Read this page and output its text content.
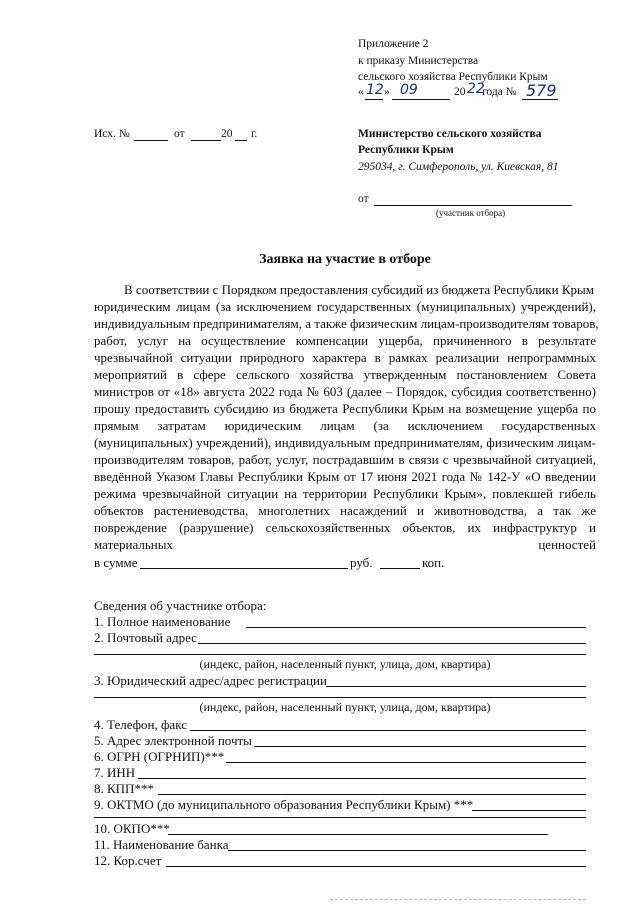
Приложение 2
к приказу Министерства
сельского хозяйства Республики Крым
« 12 » 09	20 22
года № 579
Исх. №	от	20 г.	Министерство сельского хозяйства
Республики Крым
295034, г. Симферополь, ул. Киевская, 81
от
(участник отбора)
Заявка на участие в отборе
В соответствии с Порядком предоставления субсидий из бюджета Республики Крым
юридическим лицам (за исключением государственных (муниципальных) учреждений),
индивидуальным предпринимателям, а также физическим лицам-производителям товаров,
работ, услуг на осуществление компенсации ущерба, причиненного в результате
чрезвычайной ситуации природного характера в рамках реализации непрограммных
мероприятий в сфере сельского хозяйства утвержденным постановлением Совета
министров от «18» августа 2022 года № 603 (далее – Порядок, субсидия соответственно)
прошу предоставить субсидию из бюджета Республики Крым на возмещение ущерба по
прямым затратам юридическим лицам (за исключением государственных
(муниципальных) учреждений), индивидуальным предпринимателям, физическим лицам-
производителям товаров, работ, услуг, пострадавшим в связи с чрезвычайной ситуацией,
введённой Указом Главы Республики Крым от 17 июня 2021 года № 142-У «О введении
режима чрезвычайной ситуации на территории Республики Крым», повлекшей гибель
объектов растениеводства, многолетних насаждений и животноводства, а так же
повреждение (разрушение) сельскохозяйственных объектов, их инфраструктур и
материальных ценностей
в сумме	руб.	коп.
Сведения об участнике отбора:
1. Полное наименование
2. Почтовый адрес
(индекс, район, населенный пункт, улица, дом, квартира)
3. Юридический адрес/адрес регистрации
(индекс, район, населенный пункт, улица, дом, квартира)
4. Телефон, факс
5. Адрес электронной почты
6. ОГРН (ОГРНИП)***
7. ИНН
8. КПП***
9. ОКТМО (до муниципального образования Республики Крым) ***
10. ОКПО***
11. Наименование банка
12. Кор.счет
